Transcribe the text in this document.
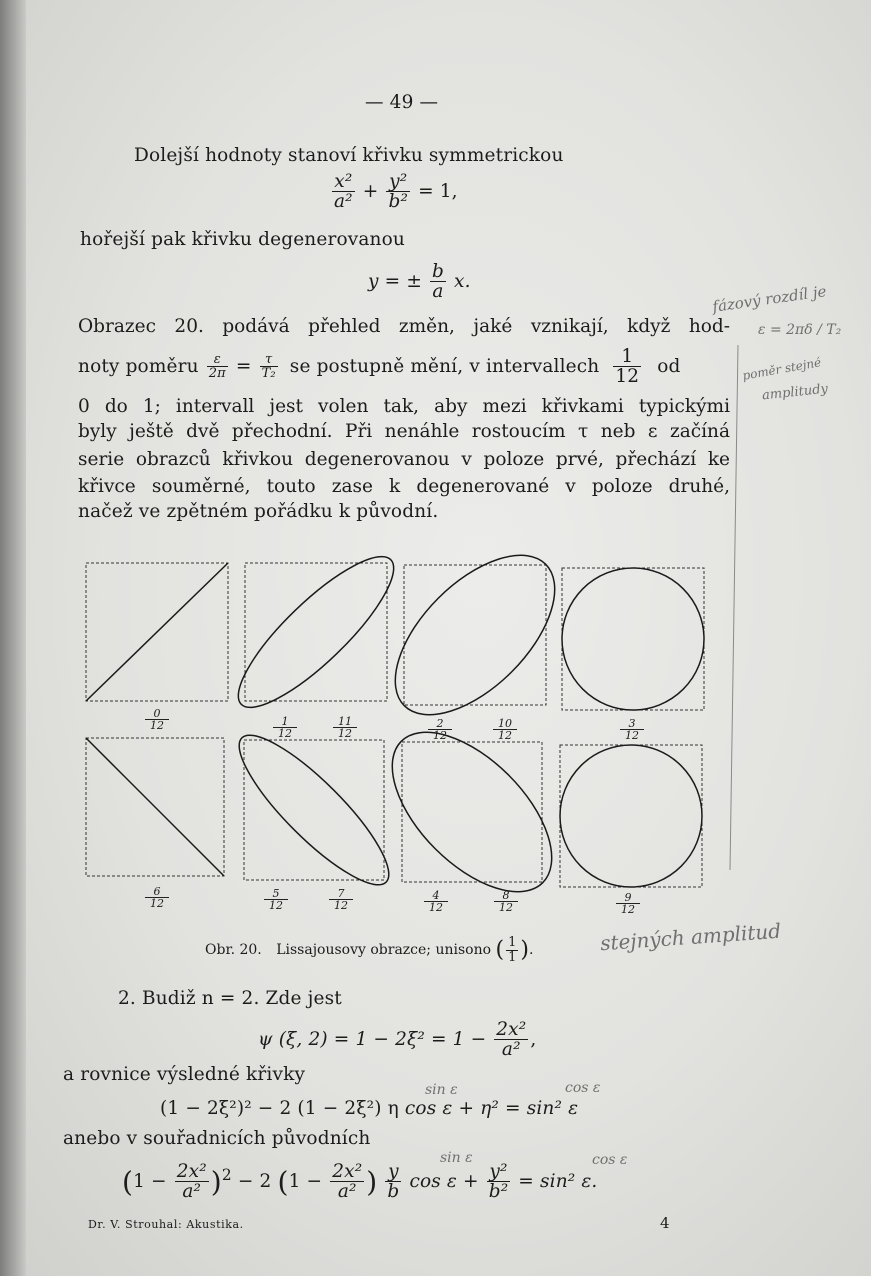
— 49 —
Dolejší hodnoty stanoví křivku symmetrickou
$\frac{\text{x²}}{\text{a²}} + \frac{\text{y²}}{\text{b²}} = 1$,
hořejší pak křivku degenerovanou
y = ± $\frac{b}{a} x$.
Obrazec 20. podává přehled změn, jaké vznikají, když hod-
noty poměru $\frac{\varepsilon}{2\pi} = \frac{\tau}{\text{T₂}}$ se postupně mění, v intervallech $\frac{1}{12}$ od
0 do 1; intervall jest volen tak, aby mezi křivkami typickými
byly ještě dvě přechodní. Při nenáhle rostoucím τ neb ε začíná
serie obrazců křivkou degenerovanou v poloze prvé, přechází ke
křivce souměrné, touto zase k degenerované v poloze druhé,
načež ve zpětném pořádku k původní.
fázový rozdíl je
ε = 2πδ / T₂
poměr stejné
amplitudy
0
12	1
12
11
12
2
12
10
12
3
12
6
12
5
12
7
12
4
12
8
12
9
12
Obr. 20. Lissajousovy obrazce; unisono ( $\frac{1}{1}$ ).	stejných amplitud
2. Budiž n = 2. Zde jest
ψ (ξ, $2) = 1 - 2\xi^2 = 1 - \frac{\text{2x²}}{\text{a²}}$ ,
a rovnice výsledné křivky
sin ε	cos ε
(1 − 2ξ²)² − 2 (1 − 2ξ²) η cos ε + η² = sin² ε
anebo v souřadnicích původních
sin ε	cos ε
$(1 - \frac{\text{2x²}}{\text{a²}} )^2 - 2$ ($1 - \frac{\text{2x²}}{\text{a²}}$ ) $\frac{y}{b}$ $\cos \varepsilon + \frac{\text{y²}}{\text{b²}} = \sin^2$ ε.
Dr. V. Strouhal: Akustika.	4
